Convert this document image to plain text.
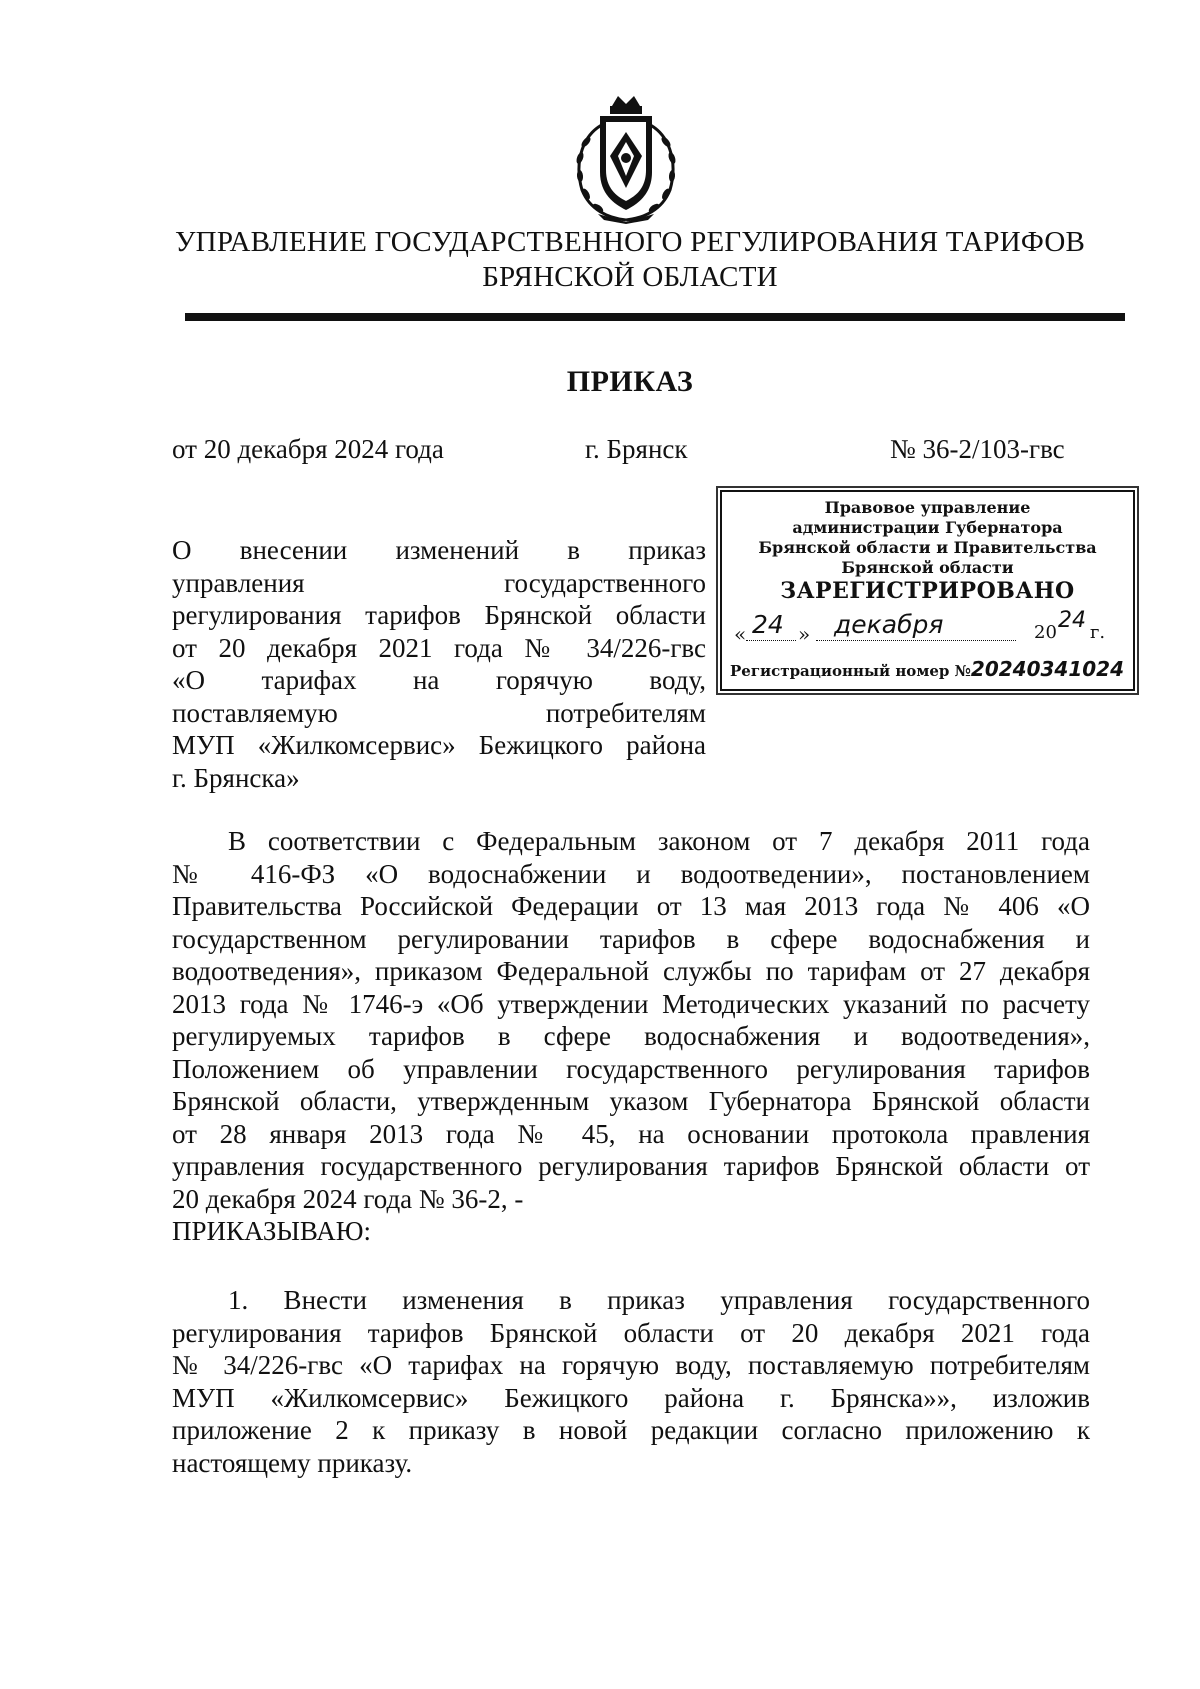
УПРАВЛЕНИЕ ГОСУДАРСТВЕННОГО РЕГУЛИРОВАНИЯ ТАРИФОВ
БРЯНСКОЙ ОБЛАСТИ
ПРИКАЗ
от 20 декабря 2024 года	г. Брянск	№ 36-2/103-гвс
Правовое управление
администрации Губернатора
Брянской области и Правительства
Брянской области
ЗАРЕГИСТРИРОВАНО
« 24 » декабря	20 24 г.
Регистрационный номер №20240341024
О внесении изменений в приказ
управления государственного
регулирования тарифов Брянской области
от 20 декабря 2021 года № 34/226-гвс
«О тарифах на горячую воду,
поставляемую потребителям
МУП «Жилкомсервис» Бежицкого района
г. Брянска»
В соответствии с Федеральным законом от 7 декабря 2011 года
№ 416-ФЗ «О водоснабжении и водоотведении», постановлением
Правительства Российской Федерации от 13 мая 2013 года № 406 «О
государственном регулировании тарифов в сфере водоснабжения и
водоотведения», приказом Федеральной службы по тарифам от 27 декабря
2013 года № 1746-э «Об утверждении Методических указаний по расчету
регулируемых тарифов в сфере водоснабжения и водоотведения»,
Положением об управлении государственного регулирования тарифов
Брянской области, утвержденным указом Губернатора Брянской области
от 28 января 2013 года № 45, на основании протокола правления
управления государственного регулирования тарифов Брянской области от
20 декабря 2024 года № 36-2, -
ПРИКАЗЫВАЮ:
1. Внести изменения в приказ управления государственного
регулирования тарифов Брянской области от 20 декабря 2021 года
№ 34/226-гвс «О тарифах на горячую воду, поставляемую потребителям
МУП «Жилкомсервис» Бежицкого района г. Брянска»», изложив
приложение 2 к приказу в новой редакции согласно приложению к
настоящему приказу.
